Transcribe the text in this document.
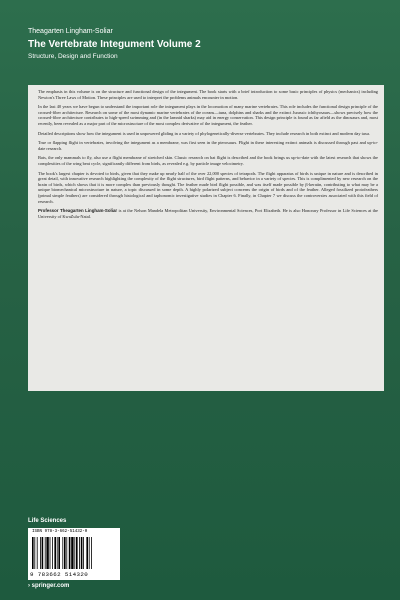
Theagarten Lingham-Soliar

The Vertebrate Integument Volume 2

Structure, Design and Function

The emphasis in this volume is on the structure and functional design of the integument. The book starts with a brief introduction to some basic principles of physics (mechanics) including Newton's Three Laws of Motion. These principles are used to interpret the problems animals encounter in motion.

In the last 40 years we have begun to understand the important role the integument plays in the locomotion of many marine vertebrates. This role includes the functional design principle of the crossed-fiber architecture. Research on some of the most dynamic marine vertebrates of the oceans—tuna, dolphins and sharks and the extinct Jurassic ichthyosaurs—shows precisely how the crossed-fibre architecture contributes to high-speed swimming and (in the lamnid sharks) may aid in energy conservation. This design principle is found as far afield as the dinosaurs and, most recently, been revealed as a major part of the microstructure of the most complex derivative of the integument, the feather.

Detailed descriptions show how the integument is used in unpowered gliding in a variety of phylogenetically-diverse vertebrates. They include research in both extinct and modern day taxa.

True or flapping flight in vertebrates, involving the integument as a membrane, was first seen in the pterosaurs. Flight in these interesting extinct animals is discussed through past and up-to-date research.

Bats, the only mammals to fly, also use a flight membrane of stretched skin. Classic research on bat flight is described and the book brings us up-to-date with the latest research that shows the complexities of the wing beat cycle, significantly different from birds, as revealed e.g. by particle image velocimetry.

The book's largest chapter is devoted to birds, given that they make up nearly half of the over 22,000 species of tetrapods. The flight apparatus of birds is unique in nature and is described in great detail, with innovative research highlighting the complexity of the flight structures, bird flight patterns, and behavior in a variety of species. This is complimented by new research on the brain of birds, which shows that it is more complex than previously thought. The feather made bird flight possible, and was itself made possible by β-keratin, contributing to what may be a unique biomechanical microstructure in nature, a topic discussed in some depth. A highly polarized subject concerns the origin of birds and of the feather. Alleged fossilized protofeathers (primal simple feathers) are considered through histological and taphonomic investigative studies in Chapter 6. Finally, in Chapter 7 we discuss the controversies associated with this field of research.

Professor Theagarten Lingham-Soliar is at the Nelson Mandela Metropolitan University, Environmental Sciences, Port Elizabeth. He is also Honorary Professor in Life Sciences at the University of KwaZulu-Natal.

Life Sciences
ISBN 978-3-662-51432-0
9 783662 514320
› springer.com
